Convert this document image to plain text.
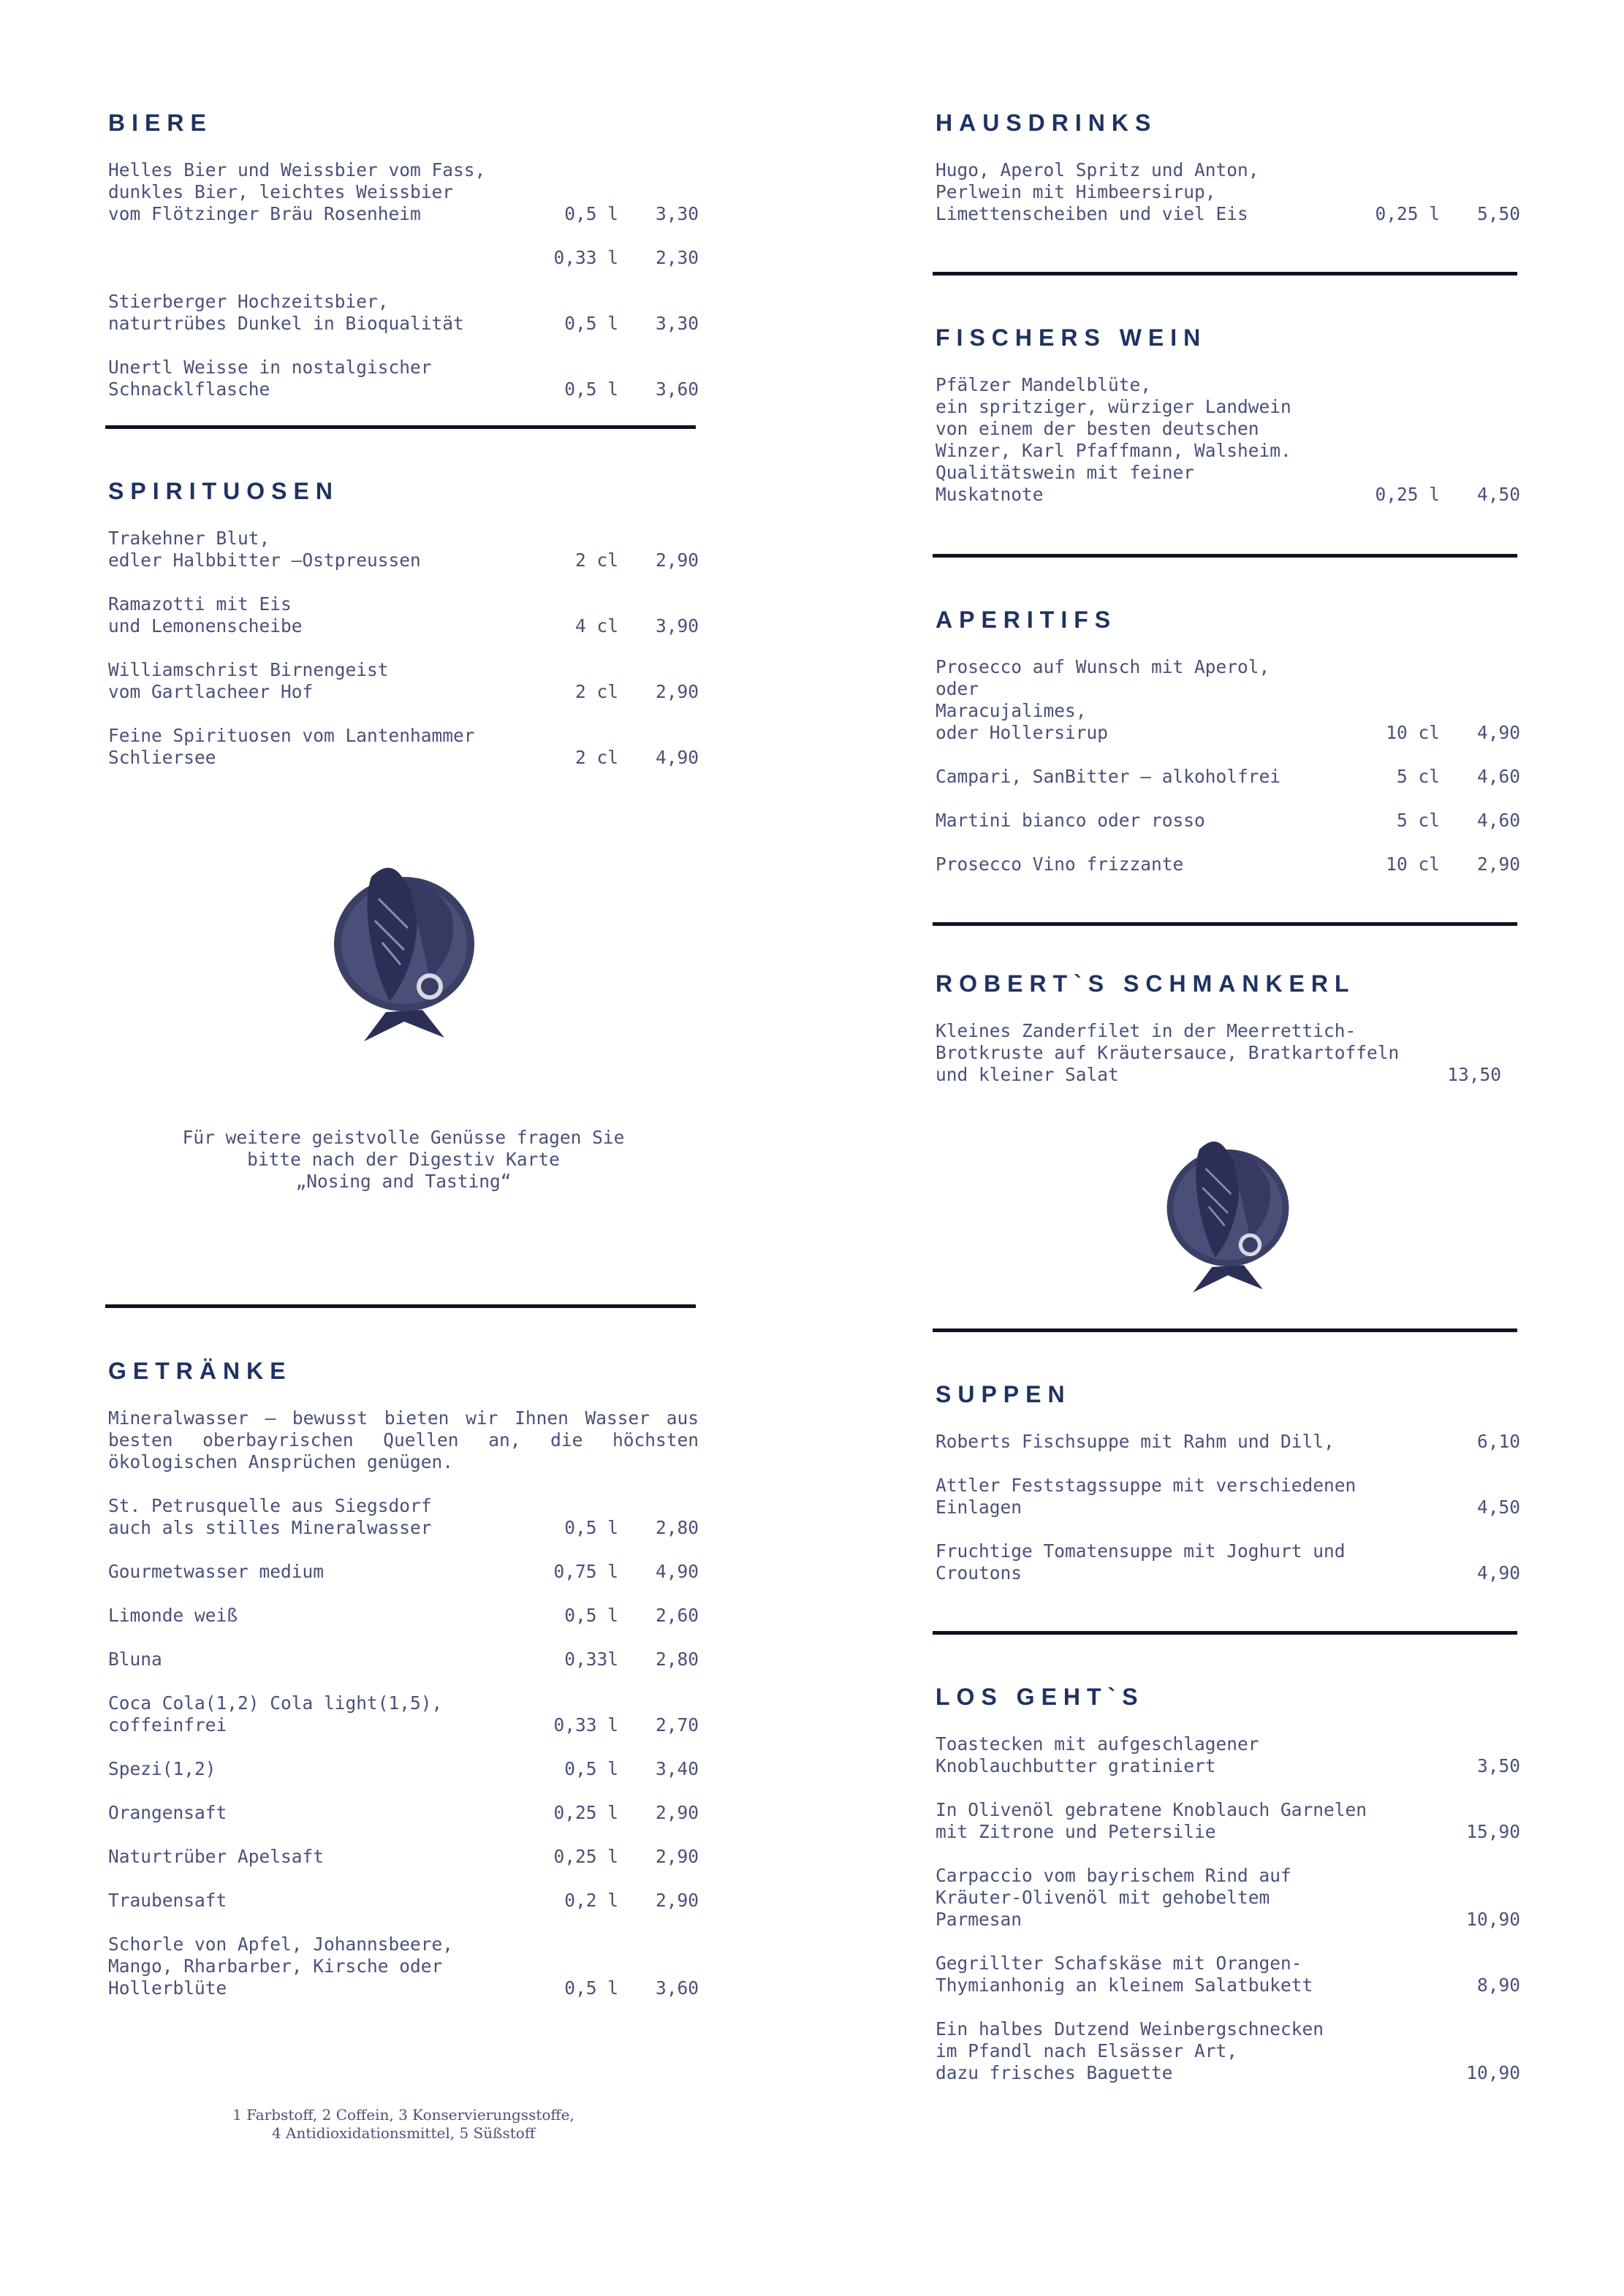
BIERE
Helles Bier und Weissbier vom Fass,
dunkles Bier, leichtes Weissbier
vom Flötzinger Bräu Rosenheim	0,5 l	3,30
0,33 l	2,30
Stierberger Hochzeitsbier,
naturtrübes Dunkel in Bioqualität	0,5 l	3,30
Unertl Weisse in nostalgischer
Schnacklflasche	0,5 l	3,60
SPIRITUOSEN
Trakehner Blut,
edler Halbbitter –Ostpreussen	2 cl	2,90
Ramazotti mit Eis
und Lemonenscheibe	4 cl	3,90
Williamschrist Birnengeist
vom Gartlacheer Hof	2 cl	2,90
Feine Spirituosen vom Lantenhammer
Schliersee	2 cl	4,90
Für weitere geistvolle Genüsse fragen Sie
bitte nach der Digestiv Karte
„Nosing and Tasting“
GETRÄNKE
Mineralwasser – bewusst bieten wir Ihnen Wasser aus besten oberbayrischen Quellen an, die höchsten ökologischen Ansprüchen genügen.
St. Petrusquelle aus Siegsdorf
auch als stilles Mineralwasser	0,5 l	2,80
Gourmetwasser medium	0,75 l	4,90
Limonde weiß	0,5 l	2,60
Bluna	0,33l	2,80
Coca Cola(1,2) Cola light(1,5),
coffeinfrei	0,33 l	2,70
Spezi(1,2)	0,5 l	3,40
Orangensaft	0,25 l	2,90
Naturtrüber Apelsaft	0,25 l	2,90
Traubensaft	0,2 l	2,90
Schorle von Apfel, Johannsbeere,
Mango, Rharbarber, Kirsche oder
Hollerblüte	0,5 l	3,60
1 Farbstoff, 2 Coffein, 3 Konservierungsstoffe,
4 Antidioxidationsmittel, 5 Süßstoff
HAUSDRINKS
Hugo, Aperol Spritz und Anton,
Perlwein mit Himbeersirup,
Limettenscheiben und viel Eis	0,25 l	5,50
FISCHERS WEIN
Pfälzer Mandelblüte,
ein spritziger, würziger Landwein
von einem der besten deutschen
Winzer, Karl Pfaffmann, Walsheim.
Qualitätswein mit feiner
Muskatnote	0,25 l	4,50
APERITIFS
Prosecco auf Wunsch mit Aperol,
oder
Maracujalimes,
oder Hollersirup	10 cl	4,90
Campari, SanBitter – alkoholfrei	5 cl	4,60
Martini bianco oder rosso	5 cl	4,60
Prosecco Vino frizzante	10 cl	2,90
ROBERT`S SCHMANKERL
Kleines Zanderfilet in der Meerrettich-
Brotkruste auf Kräutersauce, Bratkartoffeln
und kleiner Salat	13,50
SUPPEN
Roberts Fischsuppe mit Rahm und Dill,	6,10
Attler Feststagssuppe mit verschiedenen
Einlagen	4,50
Fruchtige Tomatensuppe mit Joghurt und
Croutons	4,90
LOS GEHT`S
Toastecken mit aufgeschlagener
Knoblauchbutter gratiniert	3,50
In Olivenöl gebratene Knoblauch Garnelen
mit Zitrone und Petersilie	15,90
Carpaccio vom bayrischem Rind auf
Kräuter-Olivenöl mit gehobeltem
Parmesan	10,90
Gegrillter Schafskäse mit Orangen-
Thymianhonig an kleinem Salatbukett	8,90
Ein halbes Dutzend Weinbergschnecken
im Pfandl nach Elsässer Art,
dazu frisches Baguette	10,90
